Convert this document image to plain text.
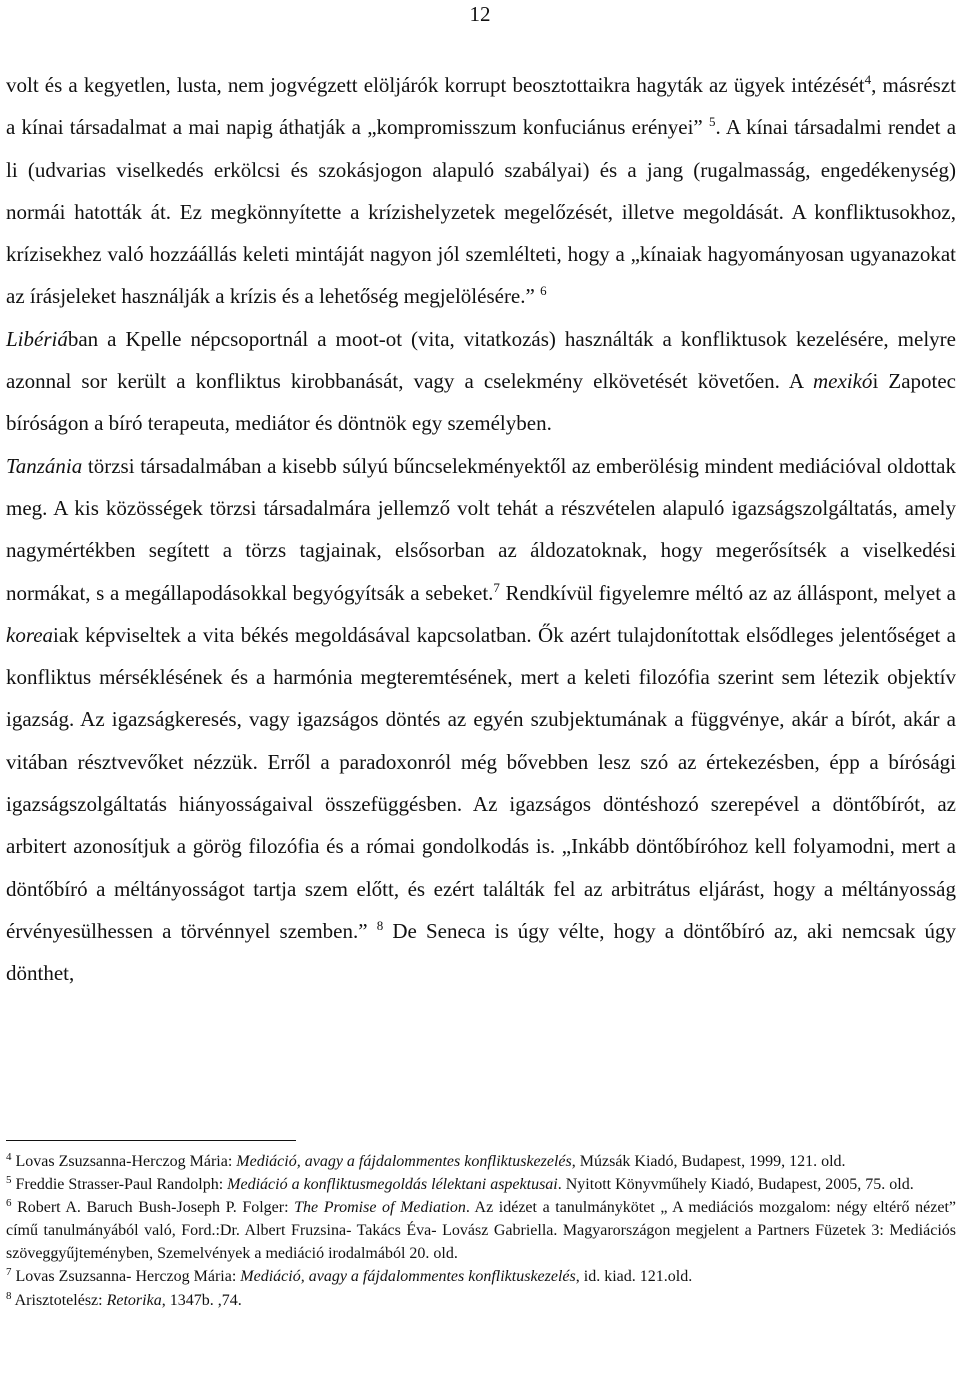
12

volt és a kegyetlen, lusta, nem jogvégzett elöljárók korrupt beosztottaikra hagyták az ügyek intézését$^4$, másrészt a kínai társadalmat a mai napig áthatják a „kompromisszum konfuciánus erényei” $^5$. A kínai társadalmi rendet a li (udvarias viselkedés erkölcsi és szokásjogon alapuló szabályai) és a jang (rugalmasság, engedékenység) normái hatották át. Ez megkönnyítette a krízishelyzetek megelőzését, illetve megoldását. A konfliktusokhoz, krízisekhez való hozzáállás keleti mintáját nagyon jól szemlélteti, hogy a „kínaiak hagyományosan ugyanazokat az írásjeleket használják a krízis és a lehetőség megjelölésére.” $^6$
Libériában a Kpelle népcsoportnál a moot-ot (vita, vitatkozás) használták a konfliktusok kezelésére, melyre azonnal sor került a konfliktus kirobbanását, vagy a cselekmény elkövetését követően. A mexikói Zapotec bíróságon a bíró terapeuta, mediátor és döntnök egy személyben.
Tanzánia törzsi társadalmában a kisebb súlyú bűncselekményektől az emberölésig mindent mediációval oldottak meg. A kis közösségek törzsi társadalmára jellemző volt tehát a részvételen alapuló igazságszolgáltatás, amely nagymértékben segített a törzs tagjainak, elsősorban az áldozatoknak, hogy megerősítsék a viselkedési normákat, s a megállapodásokkal begyógyítsák a sebeket.$^7$ Rendkívül figyelemre méltó az az álláspont, melyet a koreaiak képviseltek a vita békés megoldásával kapcsolatban. Ők azért tulajdonítottak elsődleges jelentőséget a konfliktus mérséklésének és a harmónia megteremtésének, mert a keleti filozófia szerint sem létezik objektív igazság. Az igazságkeresés, vagy igazságos döntés az egyén szubjektumának a függvénye, akár a bírót, akár a vitában résztvevőket nézzük. Erről a paradoxonról még bővebben lesz szó az értekezésben, épp a bírósági igazságszolgáltatás hiányosságaival összefüggésben. Az igazságos döntéshozó szerepével a döntőbírót, az arbitert azonosítjuk a görög filozófia és a római gondolkodás is. „Inkább döntőbíróhoz kell folyamodni, mert a döntőbíró a méltányosságot tartja szem előtt, és ezért találták fel az arbitrátus eljárást, hogy a méltányosság érvényesülhessen a törvénnyel szemben.” $^8$ De Seneca is úgy vélte, hogy a döntőbíró az, aki nemcsak úgy dönthet,

$^4$ Lovas Zsuzsanna-Herczog Mária: Mediáció, avagy a fájdalommentes konfliktuskezelés, Múzsák Kiadó, Budapest, 1999, 121. old.

$^5$ Freddie Strasser-Paul Randolph: Mediáció a konfliktusmegoldás lélektani aspektusai. Nyitott Könyvműhely Kiadó, Budapest, 2005, 75. old.

$^6$ Robert A. Baruch Bush-Joseph P. Folger: The Promise of Mediation. Az idézet a tanulmánykötet „ A mediációs mozgalom: négy eltérő nézet” című tanulmányából való, Ford.:Dr. Albert Fruzsina- Takács Éva- Lovász Gabriella. Magyarországon megjelent a Partners Füzetek 3: Mediációs szöveggyűjteményben, Szemelvények a mediáció irodalmából 20. old.

$^7$ Lovas Zsuzsanna- Herczog Mária: Mediáció, avagy a fájdalommentes konfliktuskezelés, id. kiad. 121.old.

$^8$ Arisztotelész: Retorika, 1347b. ,74.
